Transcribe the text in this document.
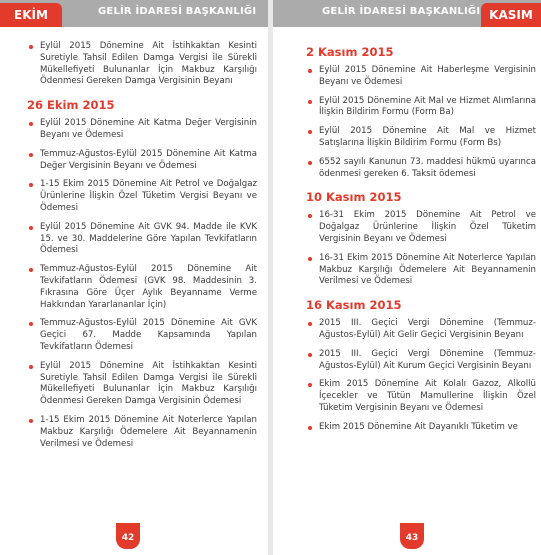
EKİM	GELİR İDARESİ BAŞKANLIĞI	GELİR İDARESİ BAŞKANLIĞI KASIM
Eylül 2015 Dönemine Ait İstihkaktan Kesinti Suretiyle Tahsil Edilen Damga Vergisi ile Sürekli Mükellefiyeti Bulunanlar İçin Makbuz Karşılığı Ödenmesi Gereken Damga Vergisinin Beyanı
26 Ekim 2015
Eylül 2015 Dönemine Ait Katma Değer Vergisinin Beyanı ve Ödemesi
Temmuz-Ağustos-Eylül 2015 Dönemine Ait Katma Değer Vergisinin Beyanı ve Ödemesi
1-15 Ekim 2015 Dönemine Ait Petrol ve Doğalgaz Ürünlerine İlişkin Özel Tüketim Vergisi Beyanı ve Ödemesi
Eylül 2015 Dönemine Ait GVK 94. Madde ile KVK 15. ve 30. Maddelerine Göre Yapılan Tevkifatların Ödemesi
Temmuz-Ağustos-Eylül 2015 Dönemine Ait Tevkifatların Ödemesi (GVK 98. Maddesinin 3. Fıkrasına Göre Üçer Aylık Beyanname Verme Hakkından Yararlananlar İçin)
Temmuz-Ağustos-Eylül 2015 Dönemine Ait GVK Geçici 67. Madde Kapsamında Yapılan Tevkifatların Ödemesi
Eylül 2015 Dönemine Ait İstihkaktan Kesinti Suretiyle Tahsil Edilen Damga Vergisi ile Sürekli Mükellefiyeti Bulunanlar İçin Makbuz Karşılığı Ödenmesi Gereken Damga Vergisinin Ödemesi
1-15 Ekim 2015 Dönemine Ait Noterlerce Yapılan Makbuz Karşılığı Ödemelere Ait Beyannamenin Verilmesi ve Ödemesi
42
2 Kasım 2015
Eylül 2015 Dönemine Ait Haberleşme Vergisinin Beyanı ve Ödemesi
Eylül 2015 Dönemine Ait Mal ve Hizmet Alımlarına İlişkin Bildirim Formu (Form Ba)
Eylül 2015 Dönemine Ait Mal ve Hizmet Satışlarına İlişkin Bildirim Formu (Form Bs)
6552 sayılı Kanunun 73. maddesi hükmü uyarınca ödenmesi gereken 6. Taksit ödemesi
10 Kasım 2015
16-31 Ekim 2015 Dönemine Ait Petrol ve Doğalgaz Ürünlerine İlişkin Özel Tüketim Vergisinin Beyanı ve Ödemesi
16-31 Ekim 2015 Dönemine Ait Noterlerce Yapılan Makbuz Karşılığı Ödemelere Ait Beyannamenin Verilmesi ve Ödemesi
16 Kasım 2015
2015 III. Geçici Vergi Dönemine (Temmuz-Ağustos-Eylül) Ait Gelir Geçici Vergisinin Beyanı
2015 III. Geçici Vergi Dönemine (Temmuz-Ağustos-Eylül) Ait Kurum Geçici Vergisinin Beyanı
Ekim 2015 Dönemine Ait Kolalı Gazoz, Alkollü İçecekler ve Tütün Mamullerine İlişkin Özel Tüketim Vergisinin Beyanı ve Ödemesi
Ekim 2015 Dönemine Ait Dayanıklı Tüketim ve
43
